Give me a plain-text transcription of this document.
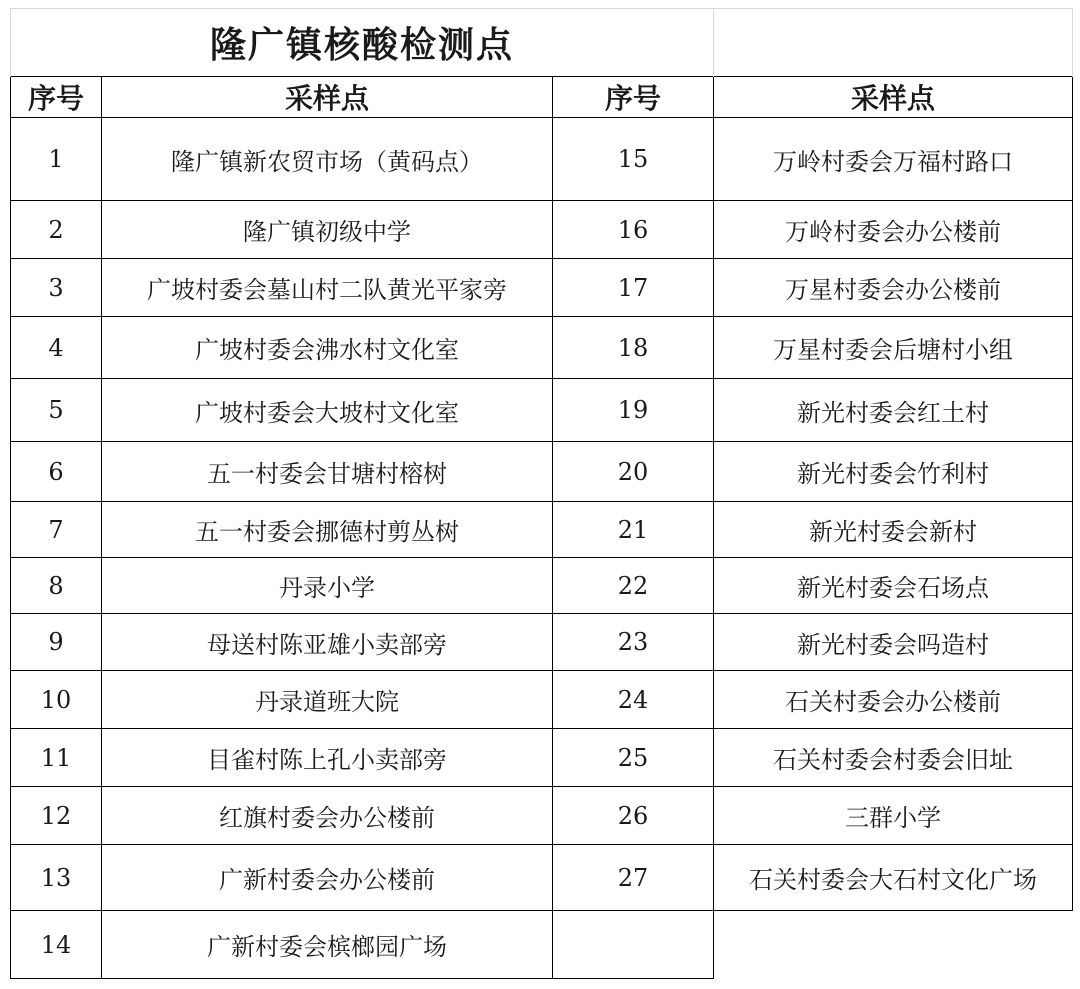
隆广镇核酸检测点			
序号	采样点	序号	采样点
1	隆广镇新农贸市场（黄码点）	15	万岭村委会万福村路口
2	隆广镇初级中学	16	万岭村委会办公楼前
3	广坡村委会墓山村二队黄光平家旁	17	万星村委会办公楼前
4	广坡村委会沸水村文化室	18	万星村委会后塘村小组
5	广坡村委会大坡村文化室	19	新光村委会红土村
6	五一村委会甘塘村榕树	20	新光村委会竹利村
7	五一村委会挪德村剪丛树	21	新光村委会新村
8	丹录小学	22	新光村委会石场点
9	母送村陈亚雄小卖部旁	23	新光村委会吗造村
10	丹录道班大院	24	石关村委会办公楼前
11	目雀村陈上孔小卖部旁	25	石关村委会村委会旧址
12	红旗村委会办公楼前	26	三群小学
13	广新村委会办公楼前	27	石关村委会大石村文化广场
14	广新村委会槟榔园广场		
